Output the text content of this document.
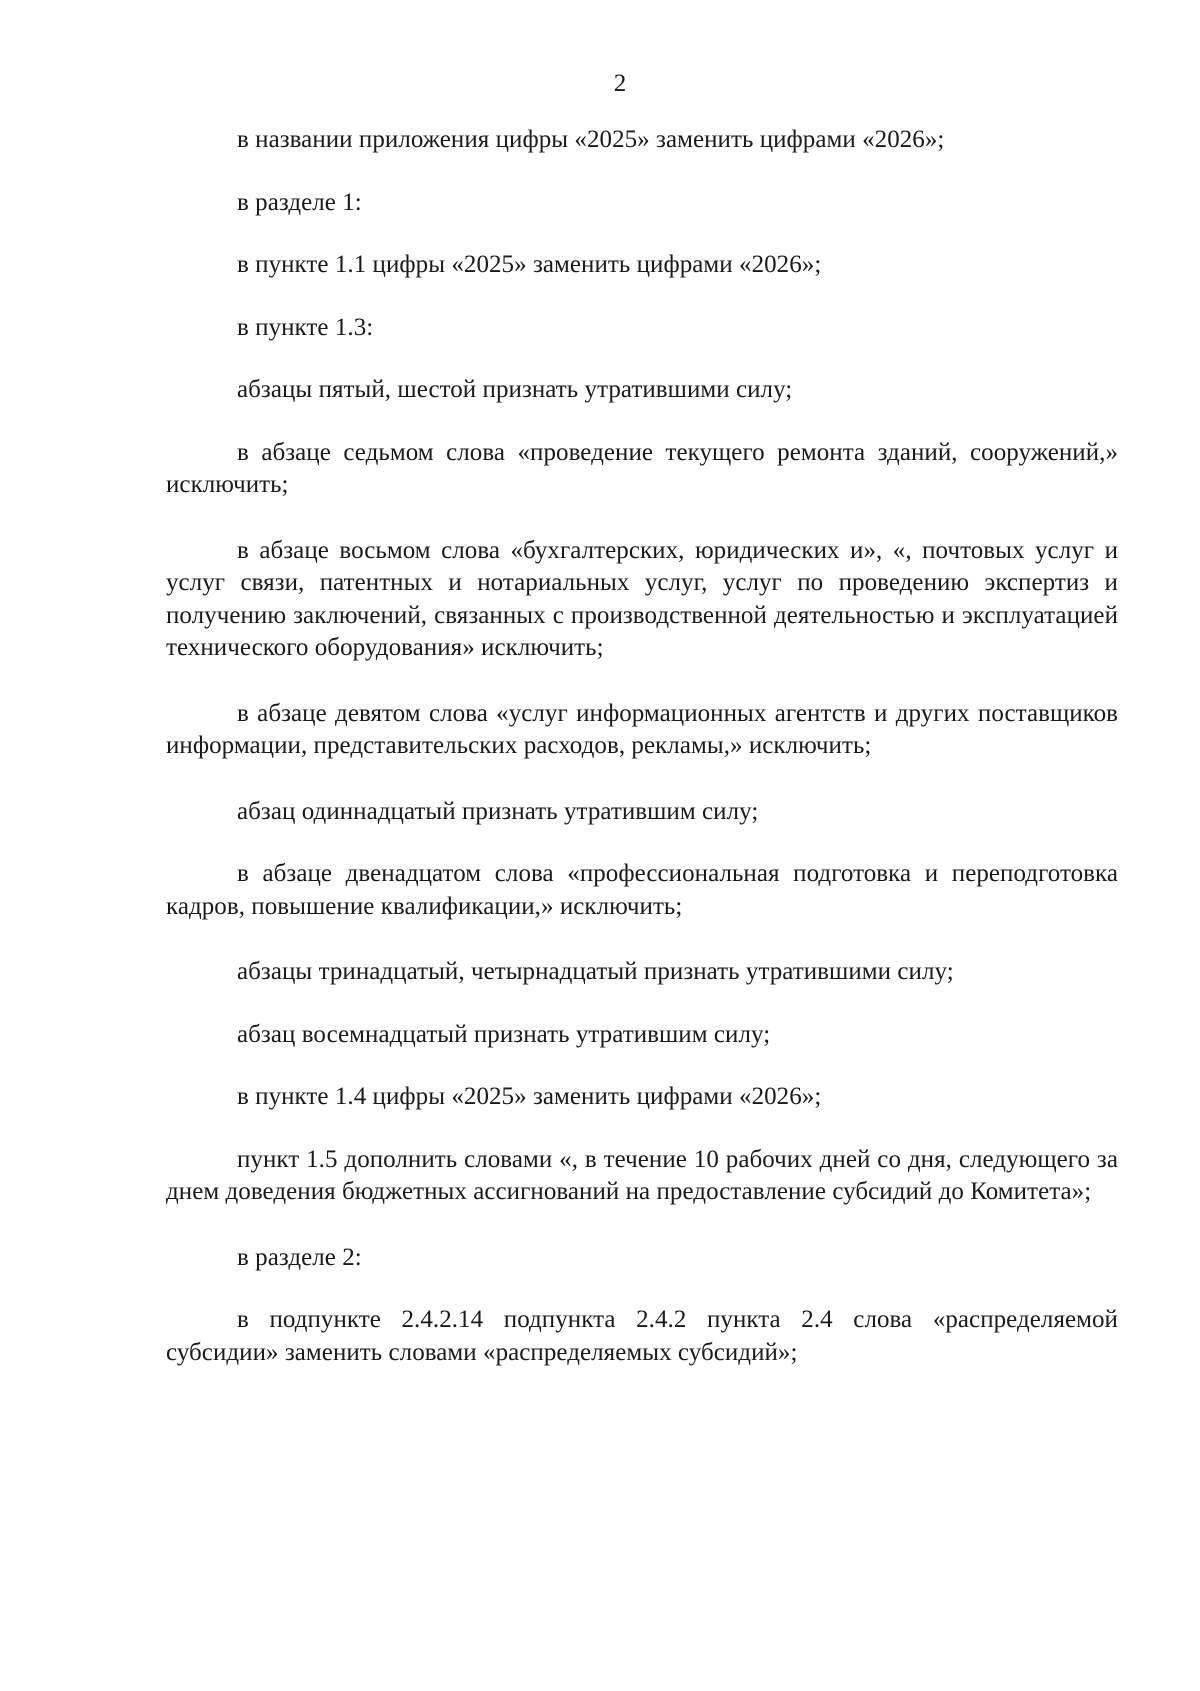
2

в названии приложения цифры «2025» заменить цифрами «2026»;

в разделе 1:

в пункте 1.1 цифры «2025» заменить цифрами «2026»;

в пункте 1.3:

абзацы пятый, шестой признать утратившими силу;

в абзаце седьмом слова «проведение текущего ремонта зданий, сооружений,» исключить;

в абзаце восьмом слова «бухгалтерских, юридических и», «, почтовых услуг и услуг связи, патентных и нотариальных услуг, услуг по проведению экспертиз и получению заключений, связанных с производственной деятельностью и эксплуатацией технического оборудования» исключить;

в абзаце девятом слова «услуг информационных агентств и других поставщиков информации, представительских расходов, рекламы,» исключить;

абзац одиннадцатый признать утратившим силу;

в абзаце двенадцатом слова «профессиональная подготовка и переподготовка кадров, повышение квалификации,» исключить;

абзацы тринадцатый, четырнадцатый признать утратившими силу;

абзац восемнадцатый признать утратившим силу;

в пункте 1.4 цифры «2025» заменить цифрами «2026»;

пункт 1.5 дополнить словами «, в течение 10 рабочих дней со дня, следующего за днем доведения бюджетных ассигнований на предоставление субсидий до Комитета»;

в разделе 2:

в подпункте 2.4.2.14 подпункта 2.4.2 пункта 2.4 слова «распределяемой субсидии» заменить словами «распределяемых субсидий»;
